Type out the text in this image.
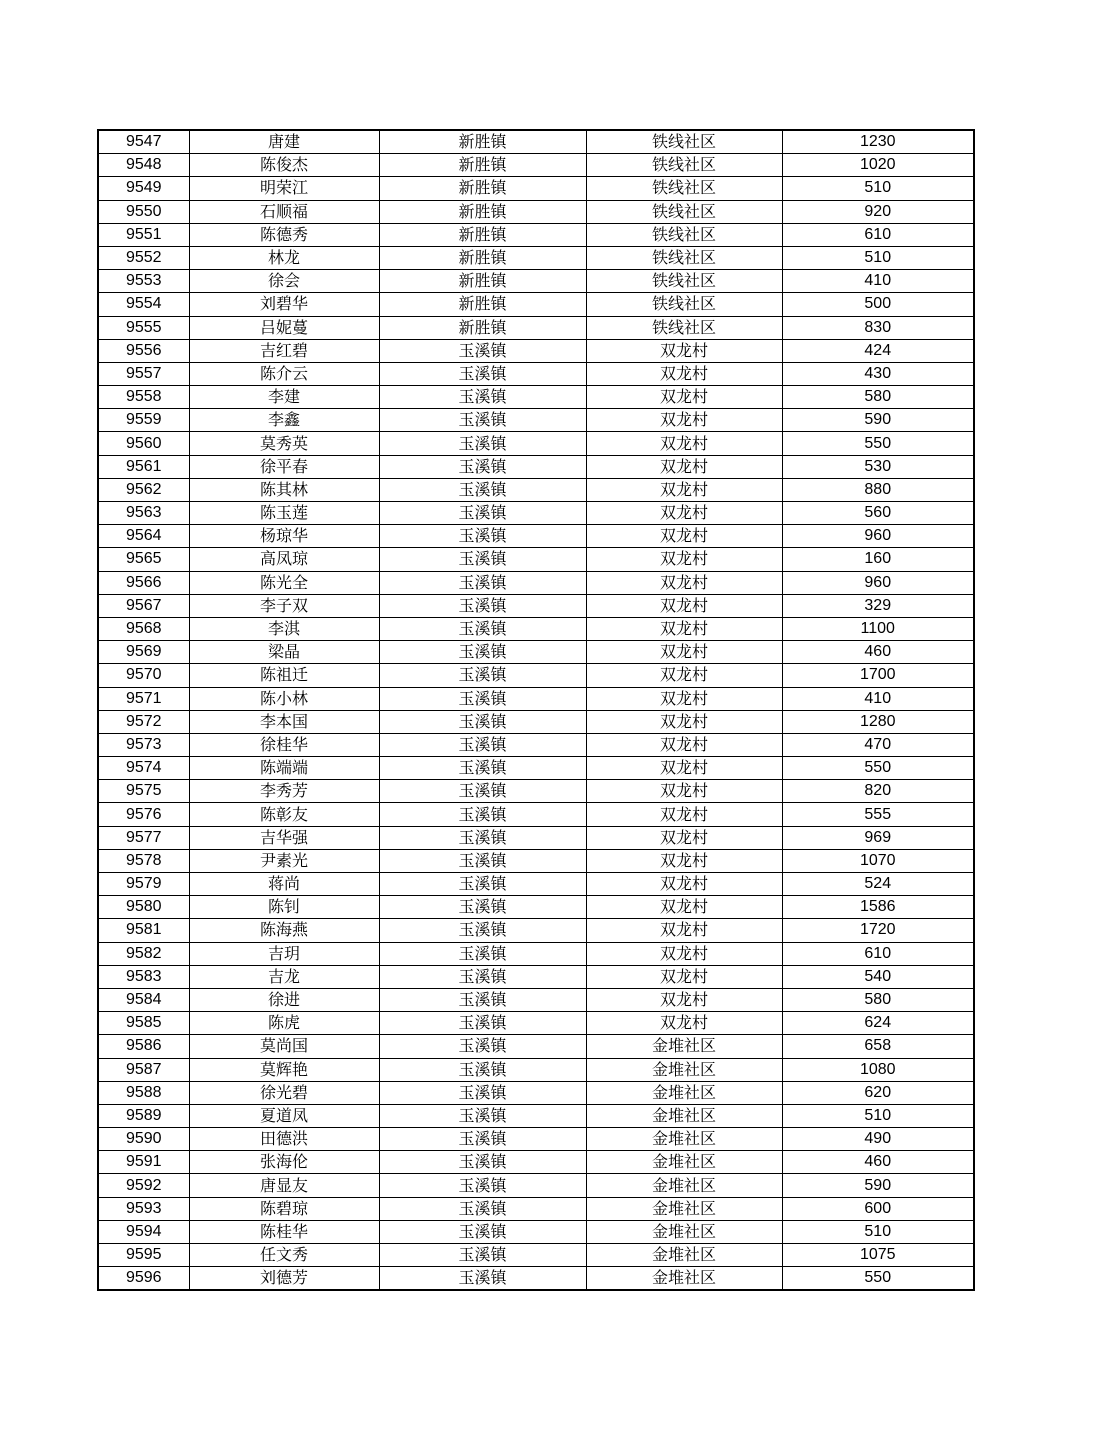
9547	唐建	新胜镇	铁线社区	1230
9548	陈俊杰	新胜镇	铁线社区	1020
9549	明荣江	新胜镇	铁线社区	510
9550	石顺福	新胜镇	铁线社区	920
9551	陈德秀	新胜镇	铁线社区	610
9552	林龙	新胜镇	铁线社区	510
9553	徐会	新胜镇	铁线社区	410
9554	刘碧华	新胜镇	铁线社区	500
9555	吕妮蔓	新胜镇	铁线社区	830
9556	吉红碧	玉溪镇	双龙村	424
9557	陈介云	玉溪镇	双龙村	430
9558	李建	玉溪镇	双龙村	580
9559	李鑫	玉溪镇	双龙村	590
9560	莫秀英	玉溪镇	双龙村	550
9561	徐平春	玉溪镇	双龙村	530
9562	陈其林	玉溪镇	双龙村	880
9563	陈玉莲	玉溪镇	双龙村	560
9564	杨琼华	玉溪镇	双龙村	960
9565	高凤琼	玉溪镇	双龙村	160
9566	陈光全	玉溪镇	双龙村	960
9567	李子双	玉溪镇	双龙村	329
9568	李淇	玉溪镇	双龙村	1100
9569	梁晶	玉溪镇	双龙村	460
9570	陈祖迁	玉溪镇	双龙村	1700
9571	陈小林	玉溪镇	双龙村	410
9572	李本国	玉溪镇	双龙村	1280
9573	徐桂华	玉溪镇	双龙村	470
9574	陈端端	玉溪镇	双龙村	550
9575	李秀芳	玉溪镇	双龙村	820
9576	陈彰友	玉溪镇	双龙村	555
9577	吉华强	玉溪镇	双龙村	969
9578	尹素光	玉溪镇	双龙村	1070
9579	蒋尚	玉溪镇	双龙村	524
9580	陈钊	玉溪镇	双龙村	1586
9581	陈海燕	玉溪镇	双龙村	1720
9582	吉玥	玉溪镇	双龙村	610
9583	吉龙	玉溪镇	双龙村	540
9584	徐进	玉溪镇	双龙村	580
9585	陈虎	玉溪镇	双龙村	624
9586	莫尚国	玉溪镇	金堆社区	658
9587	莫辉艳	玉溪镇	金堆社区	1080
9588	徐光碧	玉溪镇	金堆社区	620
9589	夏道凤	玉溪镇	金堆社区	510
9590	田德洪	玉溪镇	金堆社区	490
9591	张海伦	玉溪镇	金堆社区	460
9592	唐显友	玉溪镇	金堆社区	590
9593	陈碧琼	玉溪镇	金堆社区	600
9594	陈桂华	玉溪镇	金堆社区	510
9595	任文秀	玉溪镇	金堆社区	1075
9596	刘德芳	玉溪镇	金堆社区	550
